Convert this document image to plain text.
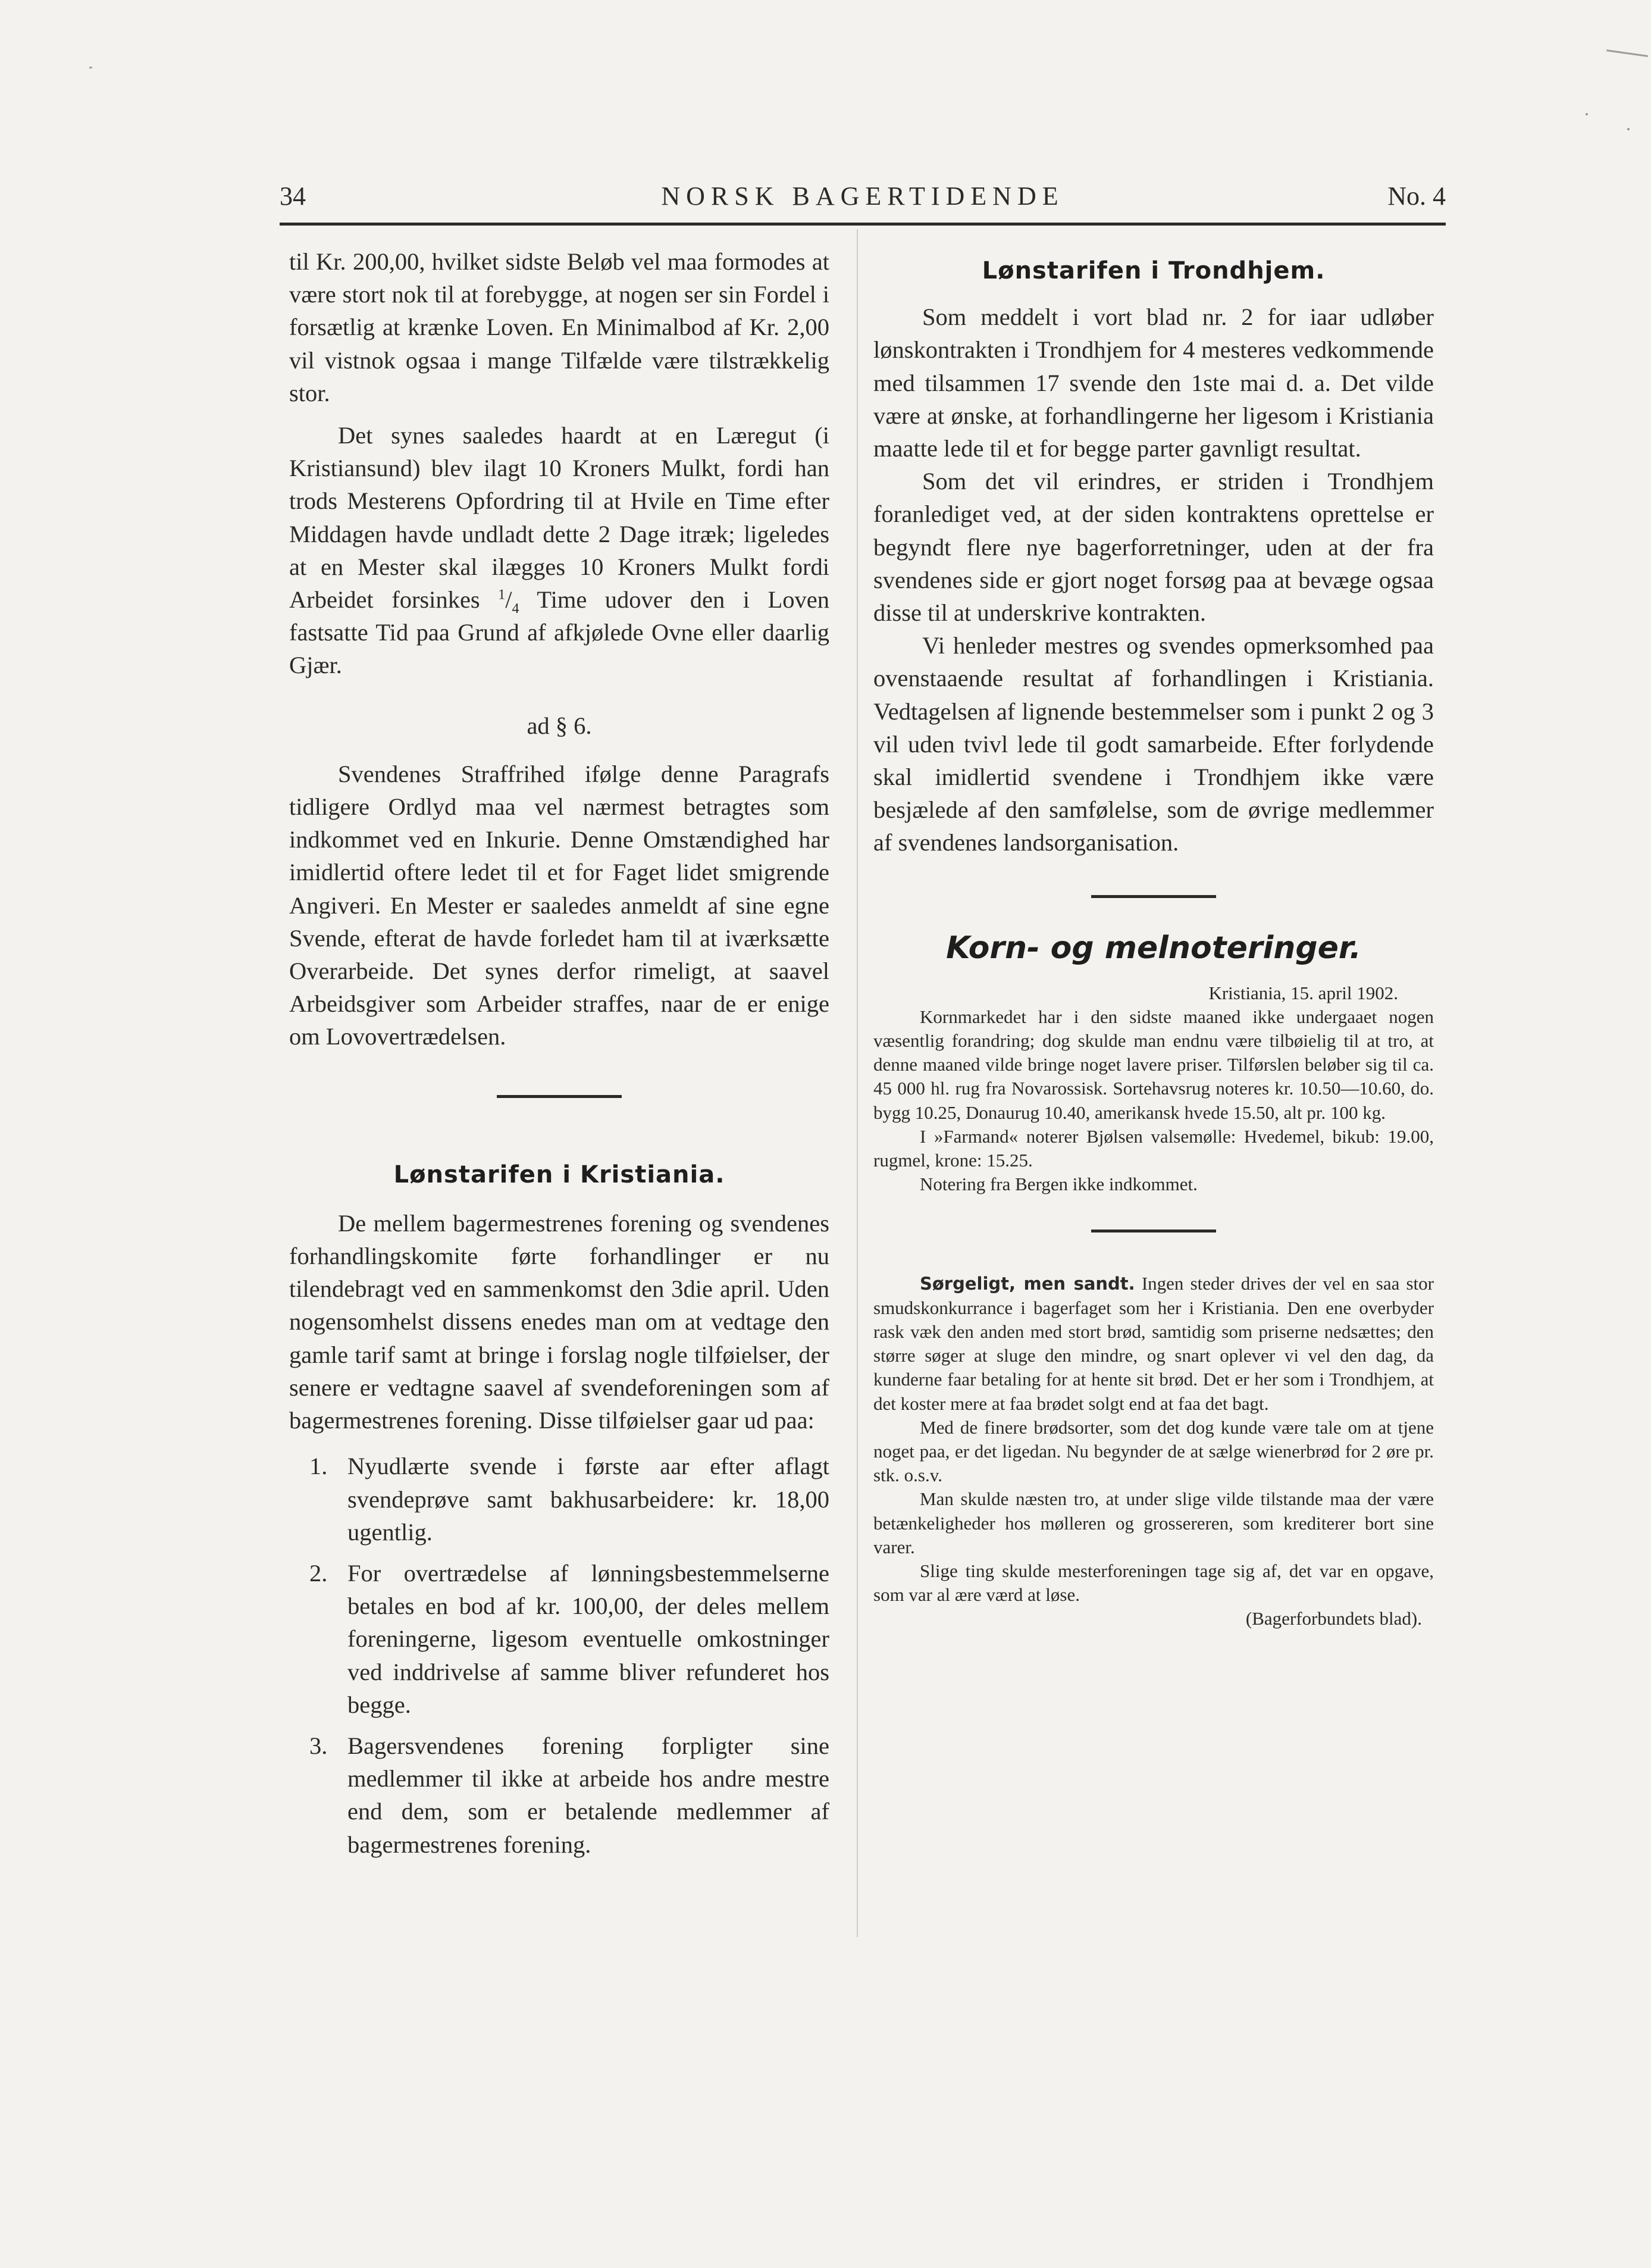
34	NORSK BAGERTIDENDE	No. 4

til Kr. 200,00, hvilket sidste Beløb vel maa formodes at være stort nok til at forebygge, at nogen ser sin Fordel i forsætlig at krænke Loven. En Minimalbod af Kr. 2,00 vil vistnok ogsaa i mange Tilfælde være tilstrækkelig stor.

Det synes saaledes haardt at en Læregut (i Kristiansund) blev ilagt 10 Kroners Mulkt, fordi han trods Mesterens Opfordring til at Hvile en Time efter Middagen havde undladt dette 2 Dage itræk; ligeledes at en Mester skal ilægges 10 Kroners Mulkt fordi Arbeidet forsinkes $^1/_4$ Time udover den i Loven fastsatte Tid paa Grund af afkjølede Ovne eller daarlig Gjær.

ad § 6.

Svendenes Straffrihed ifølge denne Paragrafs tidligere Ordlyd maa vel nærmest betragtes som indkommet ved en Inkurie. Denne Omstændighed har imidlertid oftere ledet til et for Faget lidet smigrende Angiveri. En Mester er saaledes anmeldt af sine egne Svende, efterat de havde forledet ham til at iværksætte Overarbeide. Det synes derfor rimeligt, at saavel Arbeidsgiver som Arbeider straffes, naar de er enige om Lovovertrædelsen.

Lønstarifen i Kristiania.

De mellem bagermestrenes forening og svendenes forhandlingskomite førte forhandlinger er nu tilendebragt ved en sammenkomst den 3die april. Uden nogensomhelst dissens enedes man om at vedtage den gamle tarif samt at bringe i forslag nogle tilføielser, der senere er vedtagne saavel af svendeforeningen som af bagermestrenes forening. Disse tilføielser gaar ud paa:

1. Nyudlærte svende i første aar efter aflagt svendeprøve samt bakhusarbeidere: kr. 18,00 ugentlig.
2. For overtrædelse af lønningsbestemmelserne betales en bod af kr. 100,00, der deles mellem foreningerne, ligesom eventuelle omkostninger ved inddrivelse af samme bliver refunderet hos begge.
3. Bagersvendenes forening forpligter sine medlemmer til ikke at arbeide hos andre mestre end dem, som er betalende medlemmer af bagermestrenes forening.
Lønstarifen i Trondhjem.

Som meddelt i vort blad nr. 2 for iaar udløber lønskontrakten i Trondhjem for 4 mesteres vedkommende med tilsammen 17 svende den 1ste mai d. a. Det vilde være at ønske, at forhandlingerne her ligesom i Kristiania maatte lede til et for begge parter gavnligt resultat.

Som det vil erindres, er striden i Trondhjem foranlediget ved, at der siden kontraktens oprettelse er begyndt flere nye bagerforretninger, uden at der fra svendenes side er gjort noget forsøg paa at bevæge ogsaa disse til at underskrive kontrakten.

Vi henleder mestres og svendes opmerksomhed paa ovenstaaende resultat af forhandlingen i Kristiania. Vedtagelsen af lignende bestemmelser som i punkt 2 og 3 vil uden tvivl lede til godt samarbeide. Efter forlydende skal imidlertid svendene i Trondhjem ikke være besjælede af den samfølelse, som de øvrige medlemmer af svendenes landsorganisation.

Korn- og melnoteringer.

Kristiania, 15. april 1902.

Kornmarkedet har i den sidste maaned ikke undergaaet nogen væsentlig forandring; dog skulde man endnu være tilbøielig til at tro, at denne maaned vilde bringe noget lavere priser. Tilførslen beløber sig til ca. 45 000 hl. rug fra Novarossisk. Sortehavsrug noteres kr. 10.50—10.60, do. bygg 10.25, Donaurug 10.40, amerikansk hvede 15.50, alt pr. 100 kg.

I »Farmand« noterer Bjølsen valsemølle: Hvedemel, bikub: 19.00, rugmel, krone: 15.25.

Notering fra Bergen ikke indkommet.

Sørgeligt, men sandt. Ingen steder drives der vel en saa stor smudskonkurrance i bagerfaget som her i Kristiania. Den ene overbyder rask væk den anden med stort brød, samtidig som priserne nedsættes; den større søger at sluge den mindre, og snart oplever vi vel den dag, da kunderne faar betaling for at hente sit brød. Det er her som i Trondhjem, at det koster mere at faa brødet solgt end at faa det bagt.

Med de finere brødsorter, som det dog kunde være tale om at tjene noget paa, er det ligedan. Nu begynder de at sælge wienerbrød for 2 øre pr. stk. o.s.v.

Man skulde næsten tro, at under slige vilde tilstande maa der være betænkeligheder hos mølleren og grossereren, som krediterer bort sine varer.

Slige ting skulde mesterforeningen tage sig af, det var en opgave, som var al ære værd at løse.

(Bagerforbundets blad).
